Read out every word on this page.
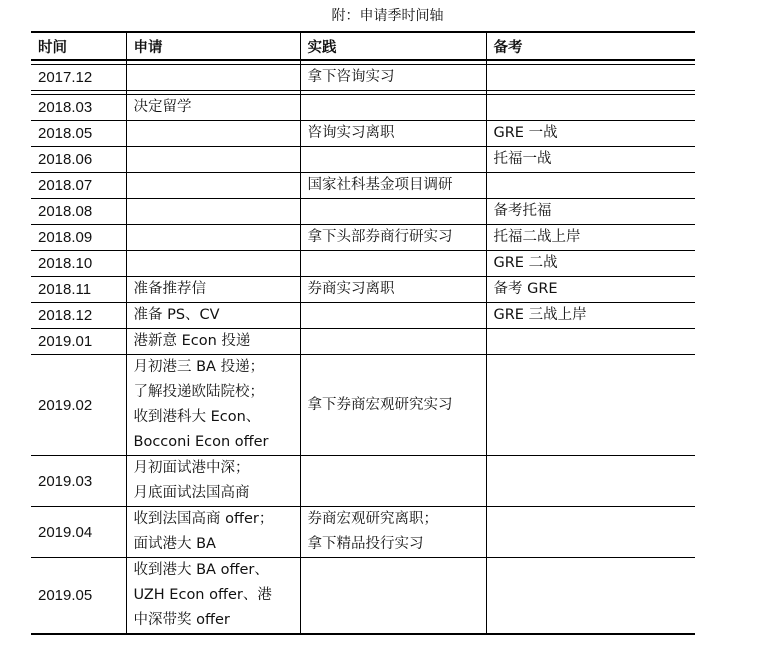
附：申请季时间轴
时间	申请	实践	备考

2017.12		拿下咨询实习	

2018.03	决定留学		

2018.05		咨询实习离职	GRE 一战

2018.06			托福一战

2018.07		国家社科基金项目调研	

2018.08			备考托福

2018.09		拿下头部券商行研实习	托福二战上岸

2018.10			GRE 二战

2018.11	准备推荐信	券商实习离职	备考 GRE

2018.12	准备 PS、CV		GRE 三战上岸

2019.01	港新意 Econ 投递		

2019.02	月初港三 BA 投递；
了解投递欧陆院校；
收到港科大 Econ、
Bocconi Econ offer	拿下券商宏观研究实习	

2019.03	月初面试港中深；
月底面试法国高商		

2019.04	收到法国高商 offer；
面试港大 BA	券商宏观研究离职；
拿下精品投行实习	

2019.05	收到港大 BA offer、
UZH Econ offer、港
中深带奖 offer		
